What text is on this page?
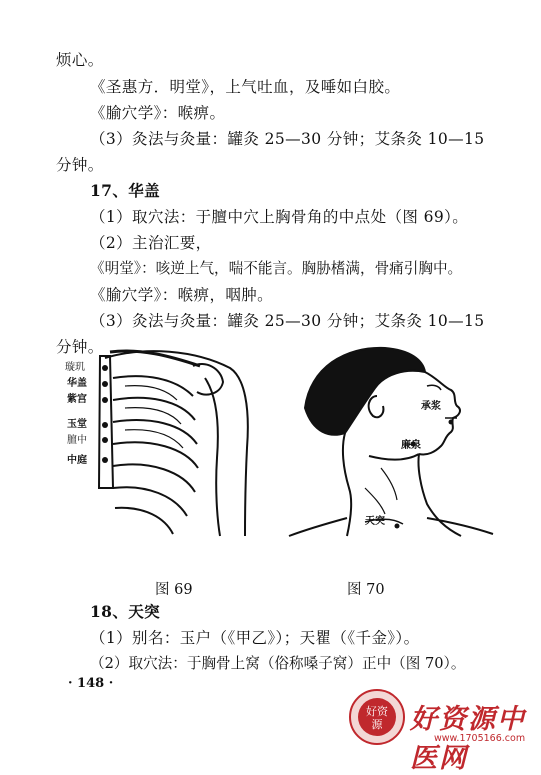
烦心。
《圣惠方．明堂》，上气吐血，及唾如白胶。
《腧穴学》：喉痹。
（3）灸法与灸量：罐灸 25—30 分钟；艾条灸 10—15
分钟。
17、华盖
（1）取穴法：于膻中穴上胸骨角的中点处（图 69）。
（2）主治汇要，
《明堂》：咳逆上气，喘不能言。胸胁榰满，骨痛引胸中。
《腧穴学》：喉痹，咽肿。
（3）灸法与灸量：罐灸 25—30 分钟；艾条灸 10—15
分钟。
璇玑
华盖
紫宫
玉堂
膻中
中庭
承浆
廉泉
天突
图 69	图 70
18、天突
（1）别名：玉户（《甲乙》）；天瞿（《千金》）。
（2）取穴法：于胸骨上窝（俗称嗓子窝）正中（图 70）。
· 148 ·
好资
源 好资源中医网
www.1705166.com
